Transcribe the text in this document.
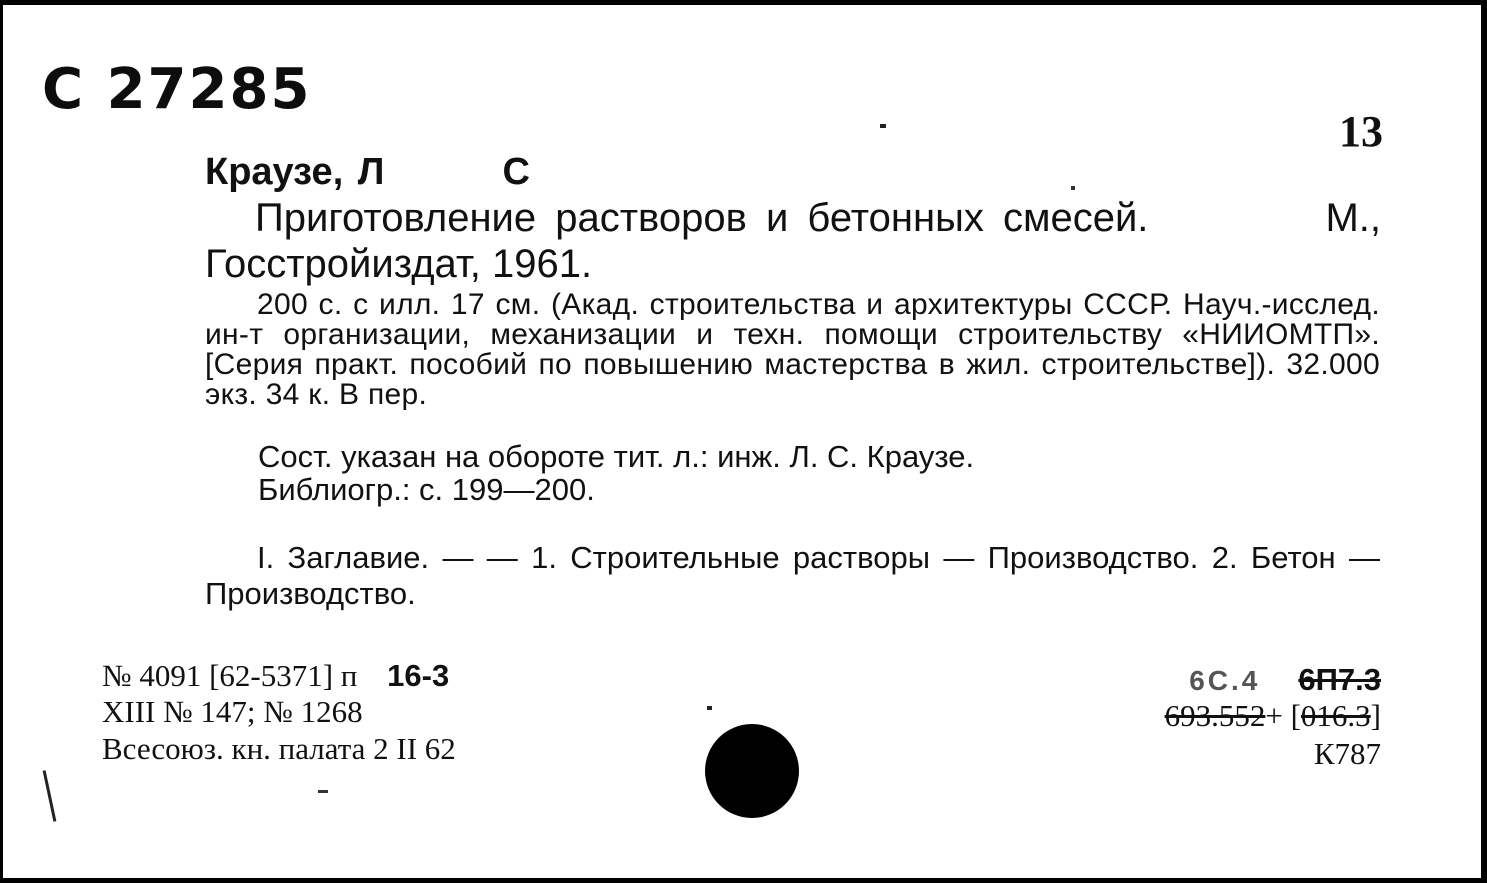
С 27285
13
Краузе, Л	С
Приготовление растворов и бетонных смесей.	М.,
Госстройиздат, 1961.
200 с. с илл. 17 см. (Акад. строительства и архитектуры СССР. Науч.-исслед. ин-т организации, механизации и техн. помощи строительству «НИИОМТП». [Серия практ. пособий по повышению мастерства в жил. строительстве]). 32.000 экз. 34 к. В пер.
Сост. указан на обороте тит. л.: инж. Л. С. Краузе.
Библиогр.: с. 199—200.
I. Заглавие. — — 1. Строительные растворы — Производство. 2. Бетон — Производство.
№ 4091 [62-5371] п 16-3
XIII № 147; № 1268
Всесоюз. кн. палата 2 II 62
6С.4 6П7.3
693.552+ [016.3]
К787
